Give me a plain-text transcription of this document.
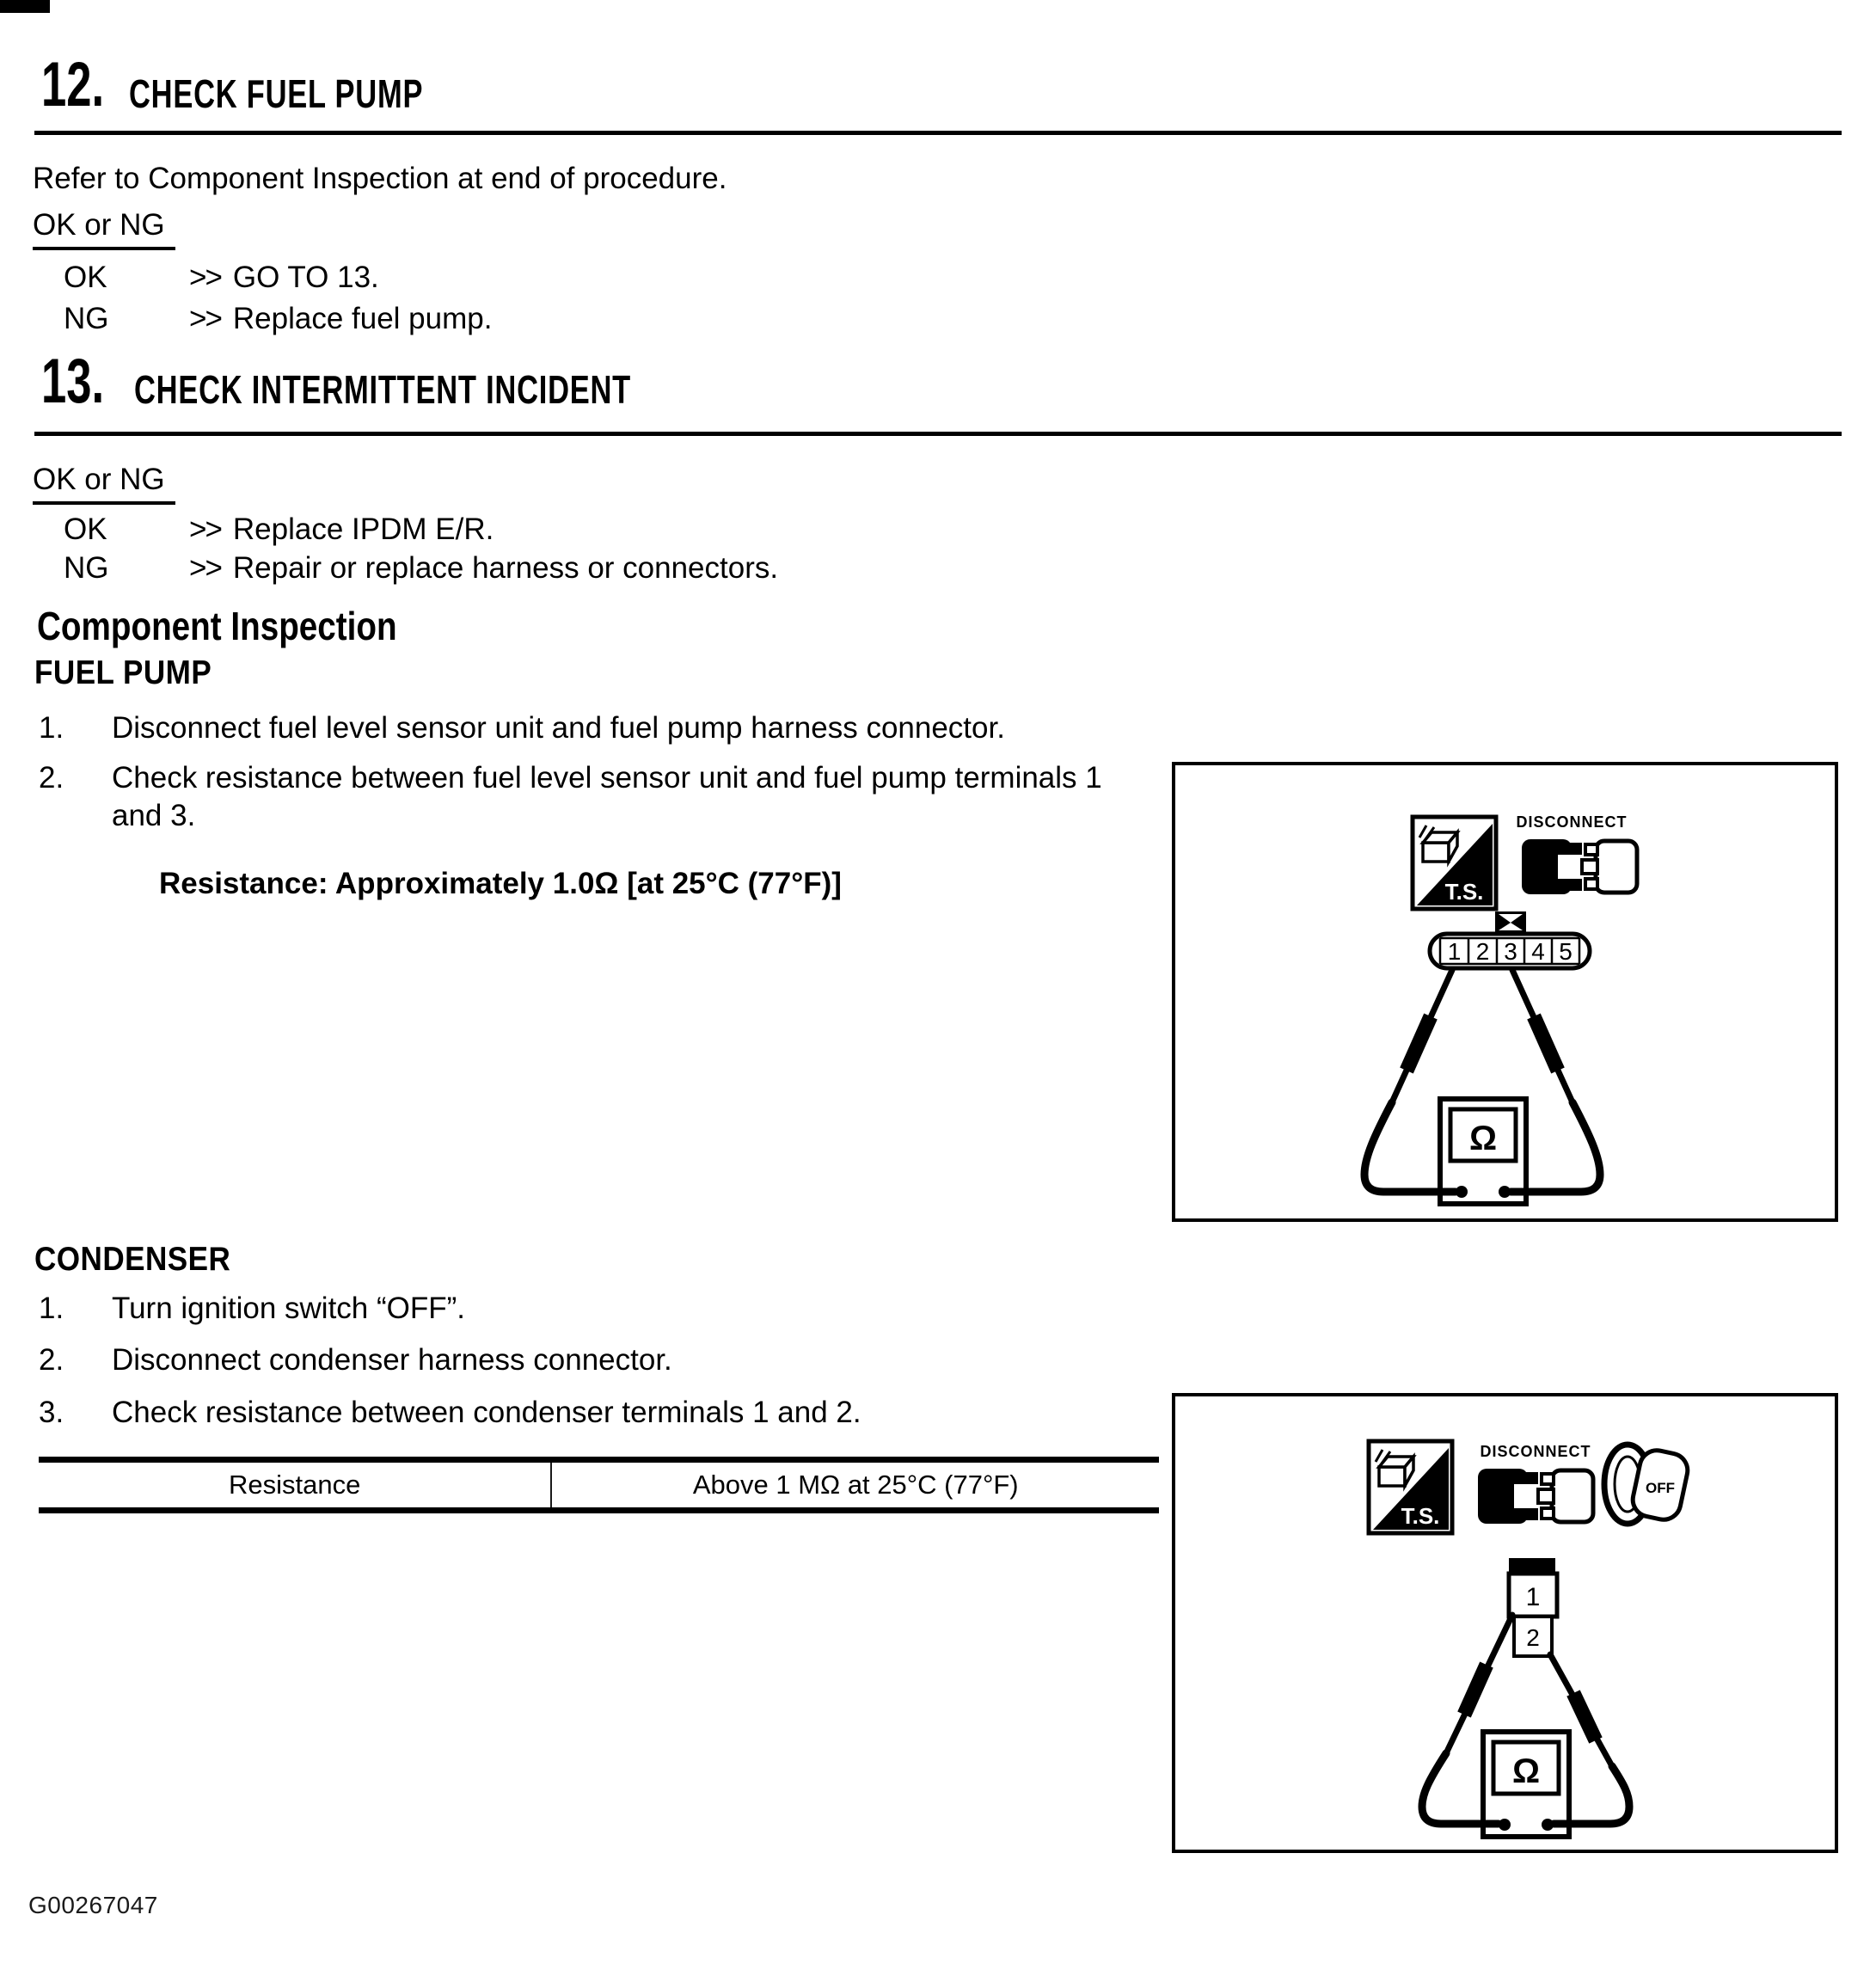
12. CHECK FUEL PUMP
Refer to Component Inspection at end of procedure.
OK or NG
OK	>> GO TO 13.
NG	>> Replace fuel pump.
13. CHECK INTERMITTENT INCIDENT
OK or NG
OK	>> Replace IPDM E/R.
NG	>> Repair or replace harness or connectors.
Component Inspection
FUEL PUMP
1.	Disconnect fuel level sensor unit and fuel pump harness connector.
2.	Check resistance between fuel level sensor unit and fuel pump terminals 1 and 3.
Resistance: Approximately 1.0Ω [at 25°C (77°F)]
DISCONNECT
1 2 3 4 5
CONDENSER
1.	Turn ignition switch “OFF”.
2.	Disconnect condenser harness connector.
3.	Check resistance between condenser terminals 1 and 2.
Resistance	Above 1 MΩ at 25°C (77°F)
DISCONNECT
OFF
1
2
G00267047
